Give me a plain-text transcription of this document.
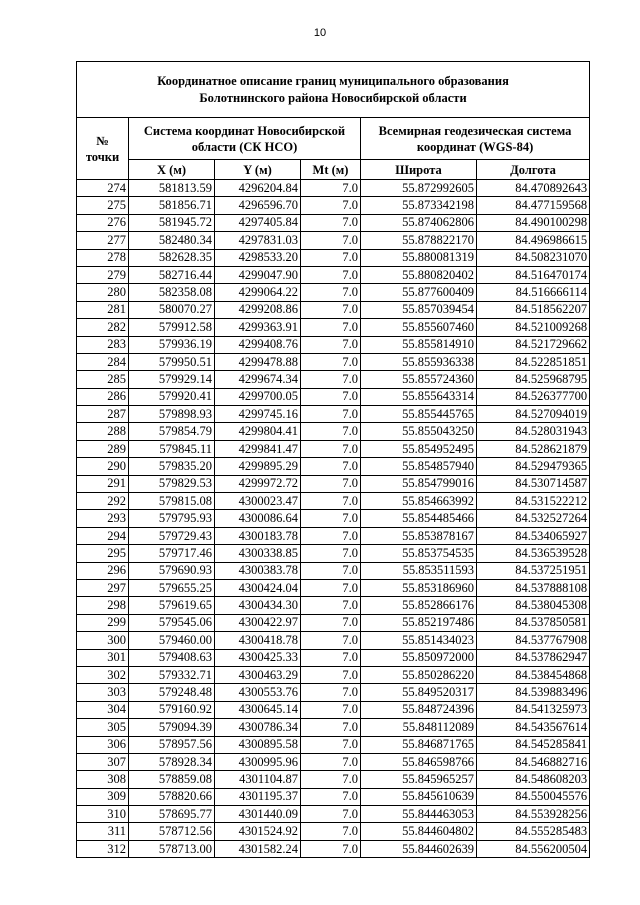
10
Координатное описание границ муниципального образования
Болотнинского района Новосибирской области					

№ точки	Система координат Новосибирской области (СК НСО)			Всемирная геодезическая система координат (WGS-84)	
	X (м)	Y (м)	Mt (м)	Широта	Долгота
274	581813.59	4296204.84	7.0	55.872992605	84.470892643
275	581856.71	4296596.70	7.0	55.873342198	84.477159568
276	581945.72	4297405.84	7.0	55.874062806	84.490100298
277	582480.34	4297831.03	7.0	55.878822170	84.496986615
278	582628.35	4298533.20	7.0	55.880081319	84.508231070
279	582716.44	4299047.90	7.0	55.880820402	84.516470174
280	582358.08	4299064.22	7.0	55.877600409	84.516666114
281	580070.27	4299208.86	7.0	55.857039454	84.518562207
282	579912.58	4299363.91	7.0	55.855607460	84.521009268
283	579936.19	4299408.76	7.0	55.855814910	84.521729662
284	579950.51	4299478.88	7.0	55.855936338	84.522851851
285	579929.14	4299674.34	7.0	55.855724360	84.525968795
286	579920.41	4299700.05	7.0	55.855643314	84.526377700
287	579898.93	4299745.16	7.0	55.855445765	84.527094019
288	579854.79	4299804.41	7.0	55.855043250	84.528031943
289	579845.11	4299841.47	7.0	55.854952495	84.528621879
290	579835.20	4299895.29	7.0	55.854857940	84.529479365
291	579829.53	4299972.72	7.0	55.854799016	84.530714587
292	579815.08	4300023.47	7.0	55.854663992	84.531522212
293	579795.93	4300086.64	7.0	55.854485466	84.532527264
294	579729.43	4300183.78	7.0	55.853878167	84.534065927
295	579717.46	4300338.85	7.0	55.853754535	84.536539528
296	579690.93	4300383.78	7.0	55.853511593	84.537251951
297	579655.25	4300424.04	7.0	55.853186960	84.537888108
298	579619.65	4300434.30	7.0	55.852866176	84.538045308
299	579545.06	4300422.97	7.0	55.852197486	84.537850581
300	579460.00	4300418.78	7.0	55.851434023	84.537767908
301	579408.63	4300425.33	7.0	55.850972000	84.537862947
302	579332.71	4300463.29	7.0	55.850286220	84.538454868
303	579248.48	4300553.76	7.0	55.849520317	84.539883496
304	579160.92	4300645.14	7.0	55.848724396	84.541325973
305	579094.39	4300786.34	7.0	55.848112089	84.543567614
306	578957.56	4300895.58	7.0	55.846871765	84.545285841
307	578928.34	4300995.96	7.0	55.846598766	84.546882716
308	578859.08	4301104.87	7.0	55.845965257	84.548608203
309	578820.66	4301195.37	7.0	55.845610639	84.550045576
310	578695.77	4301440.09	7.0	55.844463053	84.553928256
311	578712.56	4301524.92	7.0	55.844604802	84.555285483
312	578713.00	4301582.24	7.0	55.844602639	84.556200504
